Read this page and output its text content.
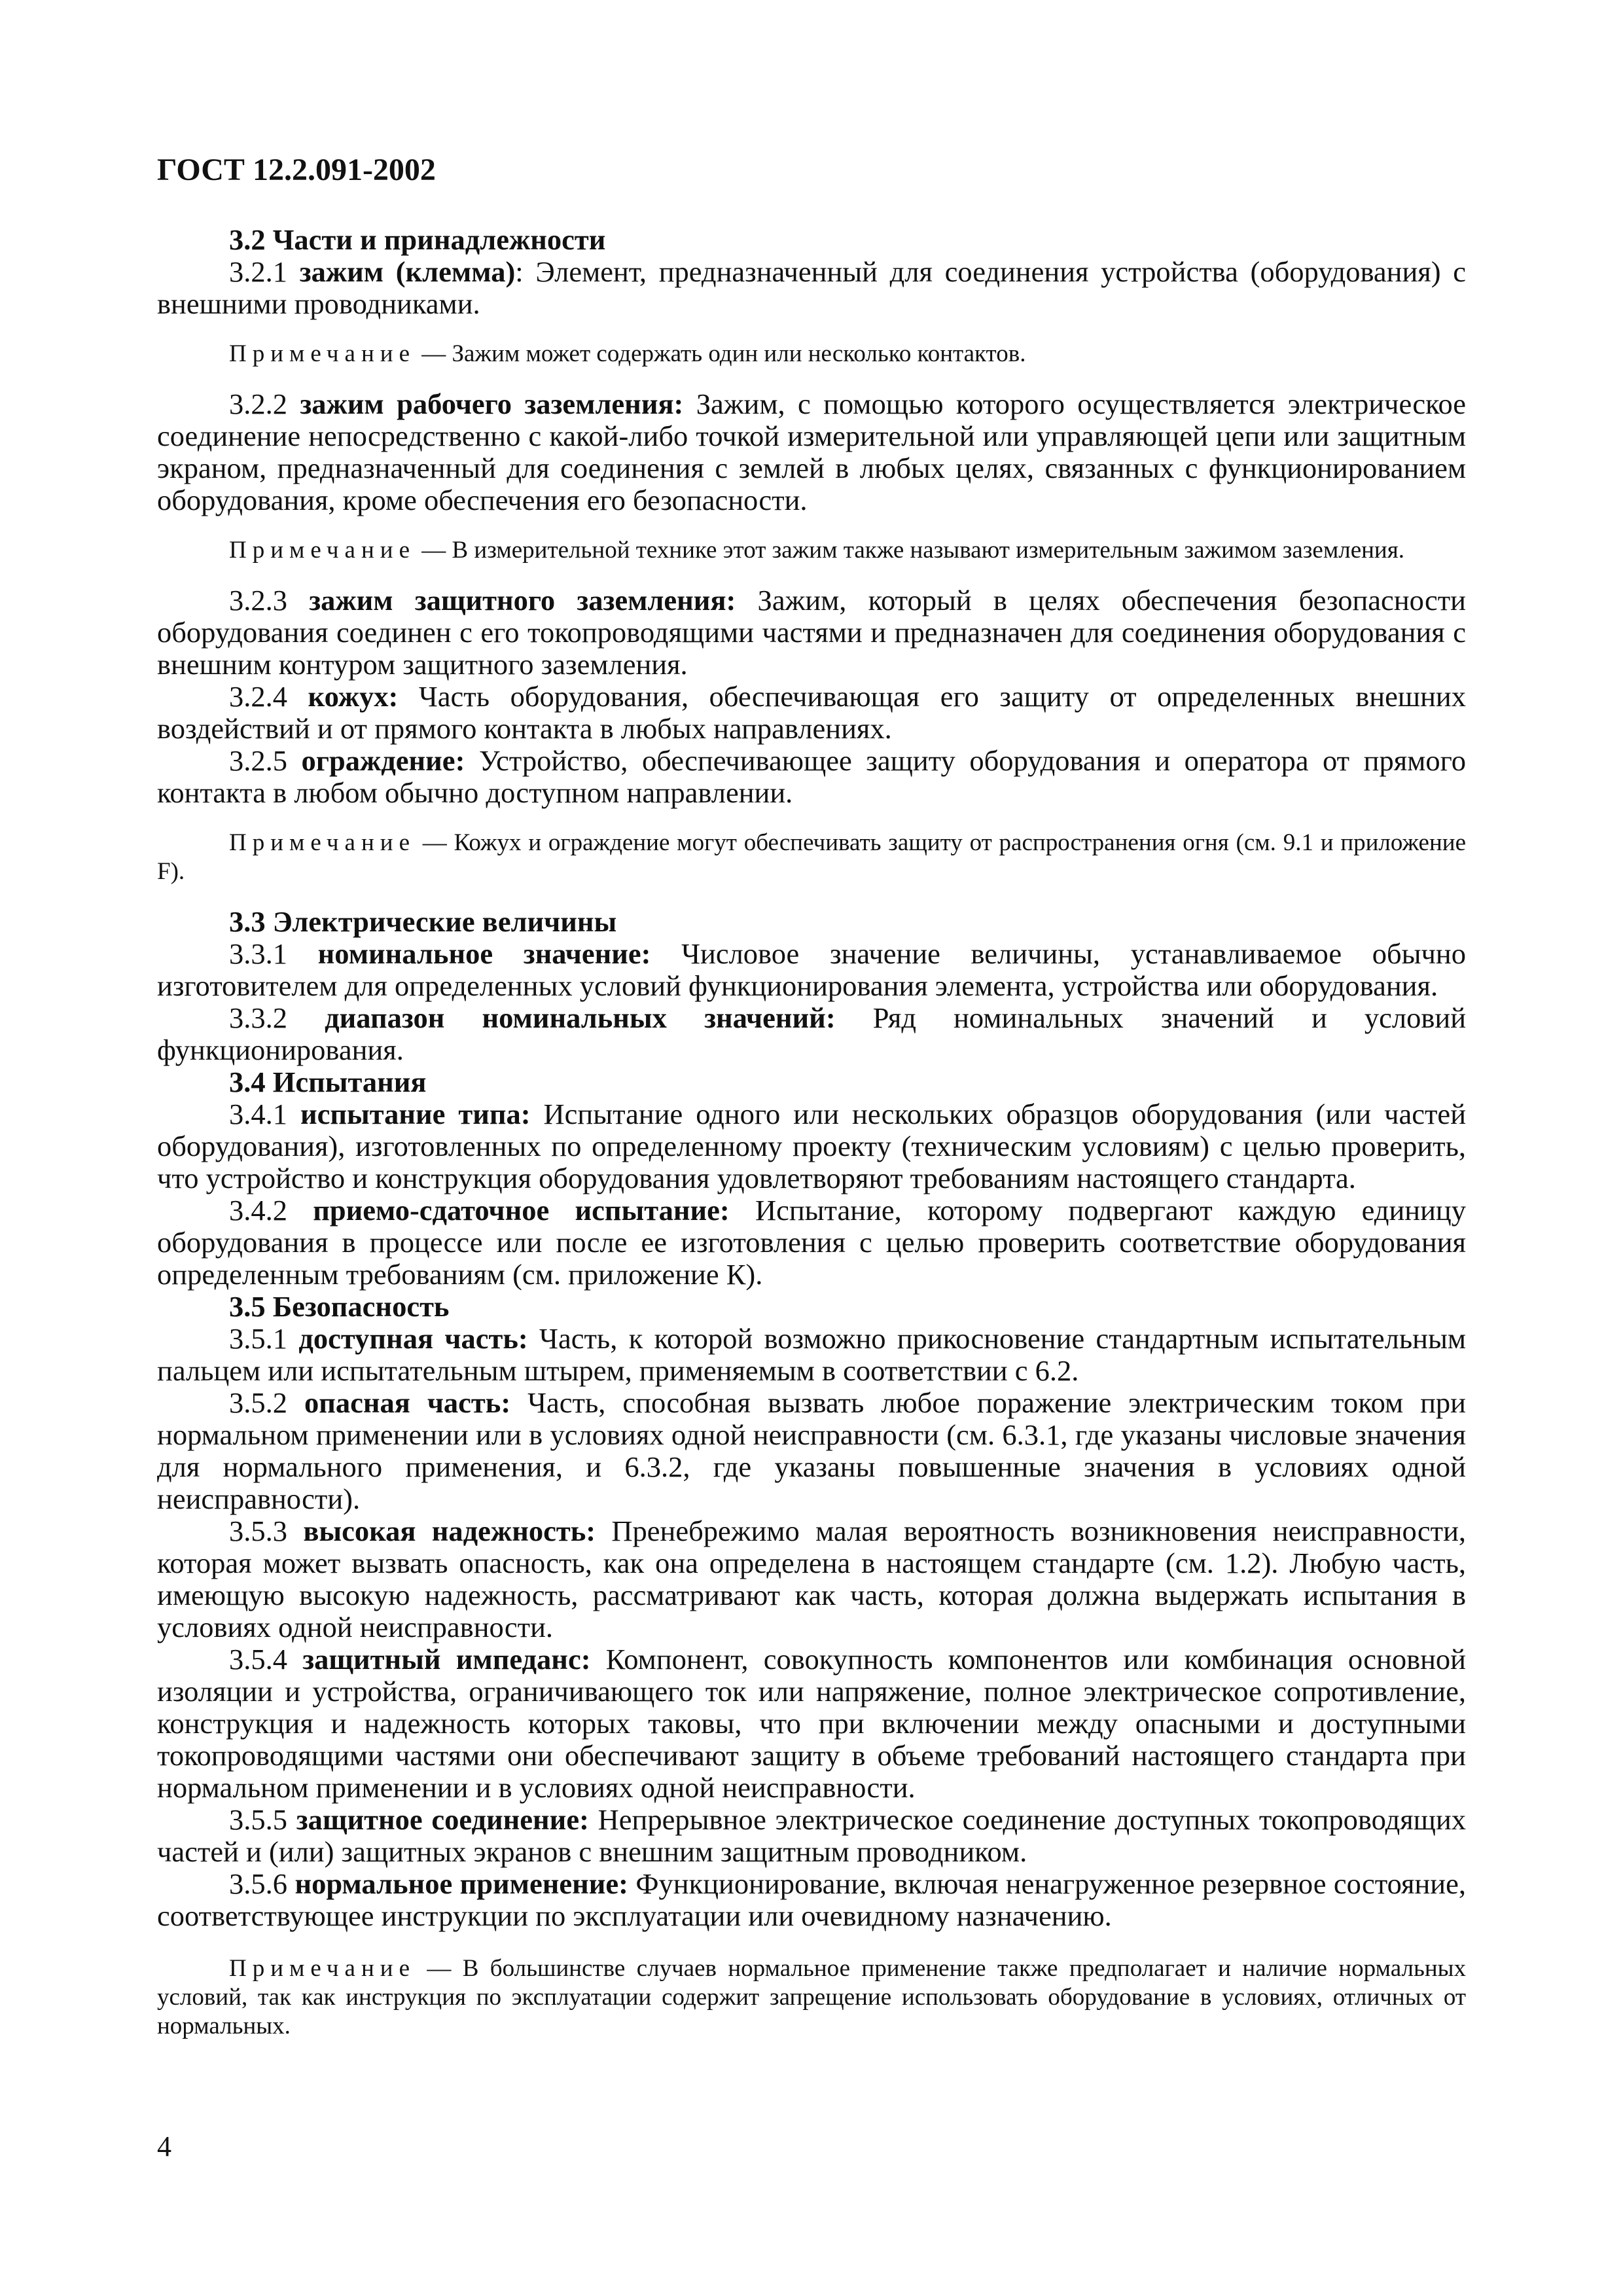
ГОСТ 12.2.091-2002

3.2 Части и принадлежности

3.2.1 зажим (клемма): Элемент, предназначенный для соединения устройства (оборудования) с внешними проводниками.

Примечание — Зажим может содержать один или несколько контактов.

3.2.2 зажим рабочего заземления: Зажим, с помощью которого осуществляется электрическое соединение непосредственно с какой-либо точкой измерительной или управляющей цепи или защитным экраном, предназначенный для соединения с землей в любых целях, связанных с функционированием оборудования, кроме обеспечения его безопасности.

Примечание — В измерительной технике этот зажим также называют измерительным зажимом заземления.

3.2.3 зажим защитного заземления: Зажим, который в целях обеспечения безопасности оборудования соединен с его токопроводящими частями и предназначен для соединения оборудования с внешним контуром защитного заземления.

3.2.4 кожух: Часть оборудования, обеспечивающая его защиту от определенных внешних воздействий и от прямого контакта в любых направлениях.

3.2.5 ограждение: Устройство, обеспечивающее защиту оборудования и оператора от прямого контакта в любом обычно доступном направлении.

Примечание — Кожух и ограждение могут обеспечивать защиту от распространения огня (см. 9.1 и приложение F).

3.3 Электрические величины

3.3.1 номинальное значение: Числовое значение величины, устанавливаемое обычно изготовителем для определенных условий функционирования элемента, устройства или оборудования.

3.3.2 диапазон номинальных значений: Ряд номинальных значений и условий функционирования.

3.4 Испытания

3.4.1 испытание типа: Испытание одного или нескольких образцов оборудования (или частей оборудования), изготовленных по определенному проекту (техническим условиям) с целью проверить, что устройство и конструкция оборудования удовлетворяют требованиям настоящего стандарта.

3.4.2 приемо-сдаточное испытание: Испытание, которому подвергают каждую единицу оборудования в процессе или после ее изготовления с целью проверить соответствие оборудования определенным требованиям (см. приложение К).

3.5 Безопасность

3.5.1 доступная часть: Часть, к которой возможно прикосновение стандартным испытательным пальцем или испытательным штырем, применяемым в соответствии с 6.2.

3.5.2 опасная часть: Часть, способная вызвать любое поражение электрическим током при нормальном применении или в условиях одной неисправности (см. 6.3.1, где указаны числовые значения для нормального применения, и 6.3.2, где указаны повышенные значения в условиях одной неисправности).

3.5.3 высокая надежность: Пренебрежимо малая вероятность возникновения неисправности, которая может вызвать опасность, как она определена в настоящем стандарте (см. 1.2). Любую часть, имеющую высокую надежность, рассматривают как часть, которая должна выдержать испытания в условиях одной неисправности.

3.5.4 защитный импеданс: Компонент, совокупность компонентов или комбинация основной изоляции и устройства, ограничивающего ток или напряжение, полное электрическое сопротивление, конструкция и надежность которых таковы, что при включении между опасными и доступными токопроводящими частями они обеспечивают защиту в объеме требований настоящего стандарта при нормальном применении и в условиях одной неисправности.

3.5.5 защитное соединение: Непрерывное электрическое соединение доступных токопроводящих частей и (или) защитных экранов с внешним защитным проводником.

3.5.6 нормальное применение: Функционирование, включая ненагруженное резервное состояние, соответствующее инструкции по эксплуатации или очевидному назначению.

Примечание — В большинстве случаев нормальное применение также предполагает и наличие нормальных условий, так как инструкция по эксплуатации содержит запрещение использовать оборудование в условиях, отличных от нормальных.

4
